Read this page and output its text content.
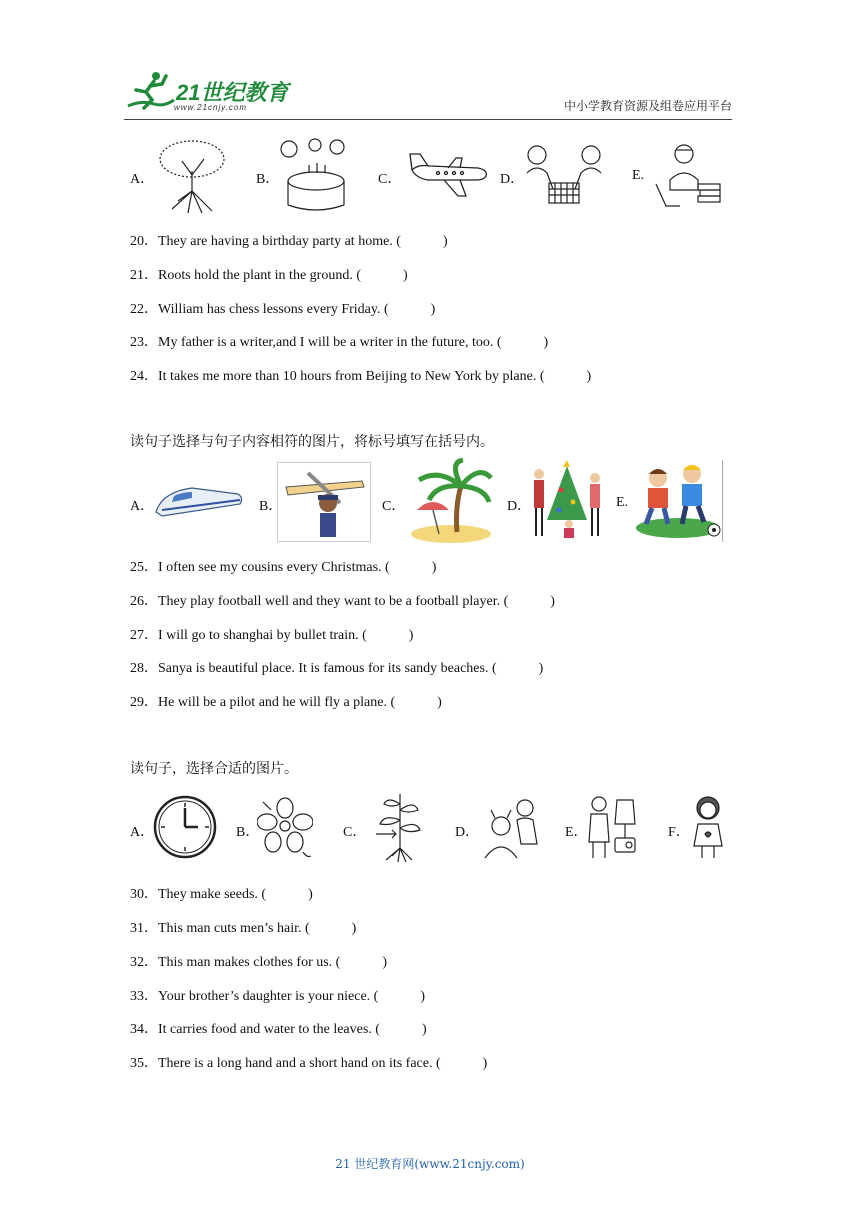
21世纪教育
www.21cnjy.com	中小学教育资源及组卷应用平台
A．	B．	C．	D．	E.
20．They are having a birthday party at home. (　　　)
21．Roots hold the plant in the ground. (　　　)
22．William has chess lessons every Friday. (　　　)
23．My father is a writer,and I will be a writer in the future, too. (　　　)
24．It takes me more than 10 hours from Beijing to New York by plane. (　　　)
读句子选择与句子内容相符的图片，将标号填写在括号内。
A．	B．	C．	D．	E.
25．I often see my cousins every Christmas. (　　　)
26．They play football well and they want to be a football player. (　　　)
27．I will go to shanghai by bullet train. (　　　)
28．Sanya is beautiful place. It is famous for its sandy beaches. (　　　)
29．He will be a pilot and he will fly a plane. (　　　)
读句子，选择合适的图片。
A．	B．	C．	D．	E．	F．
30．They make seeds. (　　　)
31．This man cuts men’s hair. (　　　)
32．This man makes clothes for us. (　　　)
33．Your brother’s daughter is your niece. (　　　)
34．It carries food and water to the leaves. (　　　)
35．There is a long hand and a short hand on its face. (　　　)
21 世纪教育网(www.21cnjy.com)
